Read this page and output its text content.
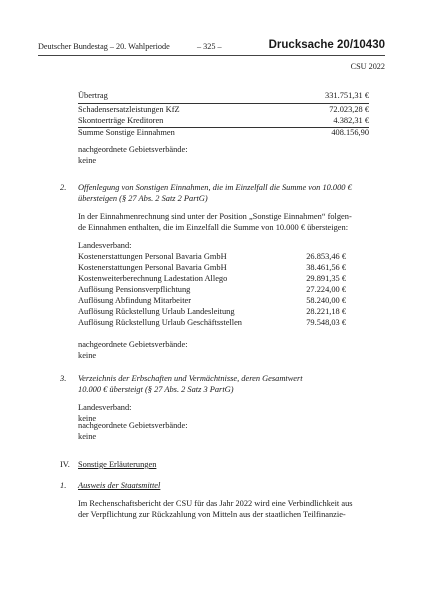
Deutscher Bundestag – 20. Wahlperiode	– 325 –	Drucksache 20/10430
CSU 2022
Übertrag	331.751,31 €
Schadensersatzleistungen KfZ	72.023,28 €
Skontoerträge Kreditoren	4.382,31 €
Summe Sonstige Einnahmen	408.156,90
nachgeordnete Gebietsverbände:
keine
2. Offenlegung von Sonstigen Einnahmen, die im Einzelfall die Summe von 10.000 €
übersteigen (§ 27 Abs. 2 Satz 2 PartG)
In der Einnahmenrechnung sind unter der Position „Sonstige Einnahmen“ folgen-
de Einnahmen enthalten, die im Einzelfall die Summe von 10.000 € übersteigen:
Landesverband:
Kostenerstattungen Personal Bavaria GmbH	26.853,46 €
Kostenerstattungen Personal Bavaria GmbH	38.461,56 €
Kostenweiterberechnung Ladestation Allego	29.891,35 €
Auflösung Pensionsverpflichtung	27.224,00 €
Auflösung Abfindung Mitarbeiter	58.240,00 €
Auflösung Rückstellung Urlaub Landesleitung	28.221,18 €
Auflösung Rückstellung Urlaub Geschäftsstellen	79.548,03 €
nachgeordnete Gebietsverbände:
keine
3. Verzeichnis der Erbschaften und Vermächtnisse, deren Gesamtwert
10.000 € übersteigt (§ 27 Abs. 2 Satz 3 PartG)
Landesverband:
keine
nachgeordnete Gebietsverbände:
keine
IV. Sonstige Erläuterungen
1. Ausweis der Staatsmittel
Im Rechenschaftsbericht der CSU für das Jahr 2022 wird eine Verbindlichkeit aus
der Verpflichtung zur Rückzahlung von Mitteln aus der staatlichen Teilfinanzie-
